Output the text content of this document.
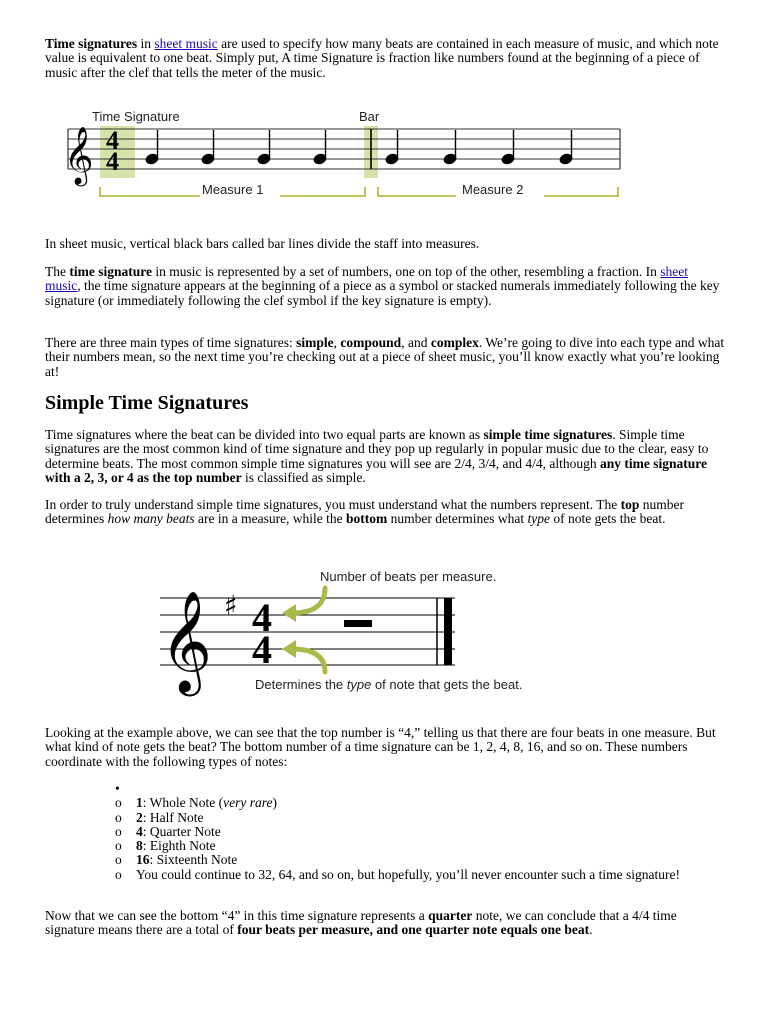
Time signatures in sheet music are used to specify how many beats are contained in each measure of music, and which note value is equivalent to one beat. Simply put, A time Signature is fraction like numbers found at the beginning of a piece of music after the clef that tells the meter of the music.

𝄞 4
4
Time Signature	Bar
Measure 1	Measure 2

In sheet music, vertical black bars called bar lines divide the staff into measures.

The time signature in music is represented by a set of numbers, one on top of the other, resembling a fraction. In sheet music, the time signature appears at the beginning of a piece as a symbol or stacked numerals immediately following the key signature (or immediately following the clef symbol if the key signature is empty).

There are three main types of time signatures: simple, compound, and complex. We’re going to dive into each type and what their numbers mean, so the next time you’re checking out at a piece of sheet music, you’ll know exactly what you’re looking at!

Simple Time Signatures

Time signatures where the beat can be divided into two equal parts are known as simple time signatures. Simple time signatures are the most common kind of time signature and they pop up regularly in popular music due to the clear, easy to determine beats. The most common simple time signatures you will see are 2/4, 3/4, and 4/4, although any time signature with a 2, 3, or 4 as the top number is classified as simple.

In order to truly understand simple time signatures, you must understand what the numbers represent. The top number determines how many beats are in a measure, while the bottom number determines what type of note gets the beat.

𝄞 ♯ 4
4
Number of beats per measure.
Determines the type of note that gets the beat.

Looking at the example above, we can see that the top number is “4,” telling us that there are four beats in one measure. But what kind of note gets the beat? The bottom number of a time signature can be 1, 2, 4, 8, 16, and so on. These numbers coordinate with the following types of notes:

•

o 1: Whole Note (very rare)
o 2: Half Note
o 4: Quarter Note
o 8: Eighth Note
o 16: Sixteenth Note
o You could continue to 32, 64, and so on, but hopefully, you’ll never encounter such a time signature!

Now that we can see the bottom “4” in this time signature represents a quarter note, we can conclude that a 4/4 time signature means there are a total of four beats per measure, and one quarter note equals one beat.
